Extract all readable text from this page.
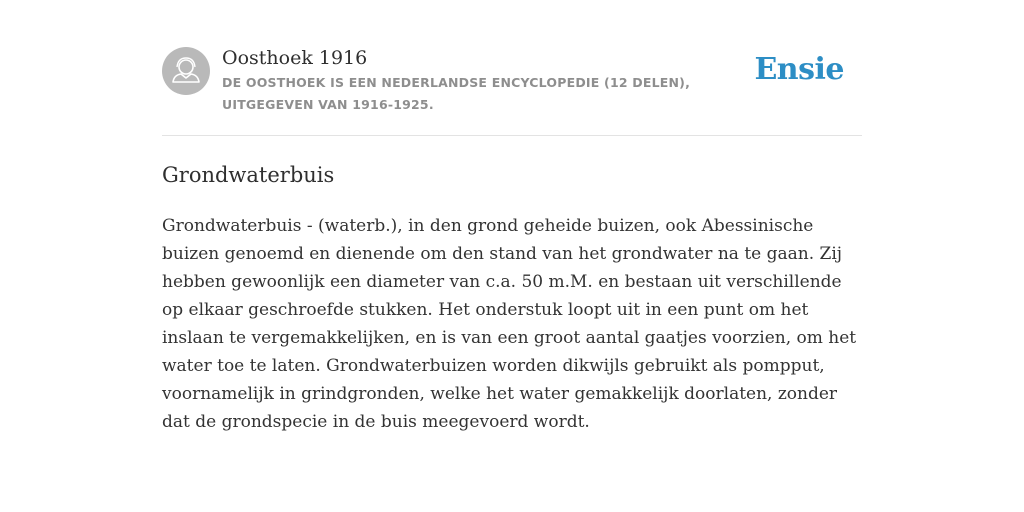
Oosthoek 1916
DE OOSTHOEK IS EEN NEDERLANDSE ENCYCLOPEDIE (12 DELEN), UITGEGEVEN VAN 1916-1925.
Ensie
Grondwaterbuis

Grondwaterbuis - (waterb.), in den grond geheide buizen, ook Abessinische buizen genoemd en dienende om den stand van het grondwater na te gaan. Zij hebben gewoonlijk een diameter van c.a. 50 m.M. en bestaan uit verschillende op elkaar geschroefde stukken. Het onderstuk loopt uit in een punt om het inslaan te vergemakkelijken, en is van een groot aantal gaatjes voorzien, om het water toe te laten. Grondwaterbuizen worden dikwijls gebruikt als pompput, voornamelijk in grindgronden, welke het water gemakkelijk doorlaten, zonder dat de grondspecie in de buis meegevoerd wordt.
